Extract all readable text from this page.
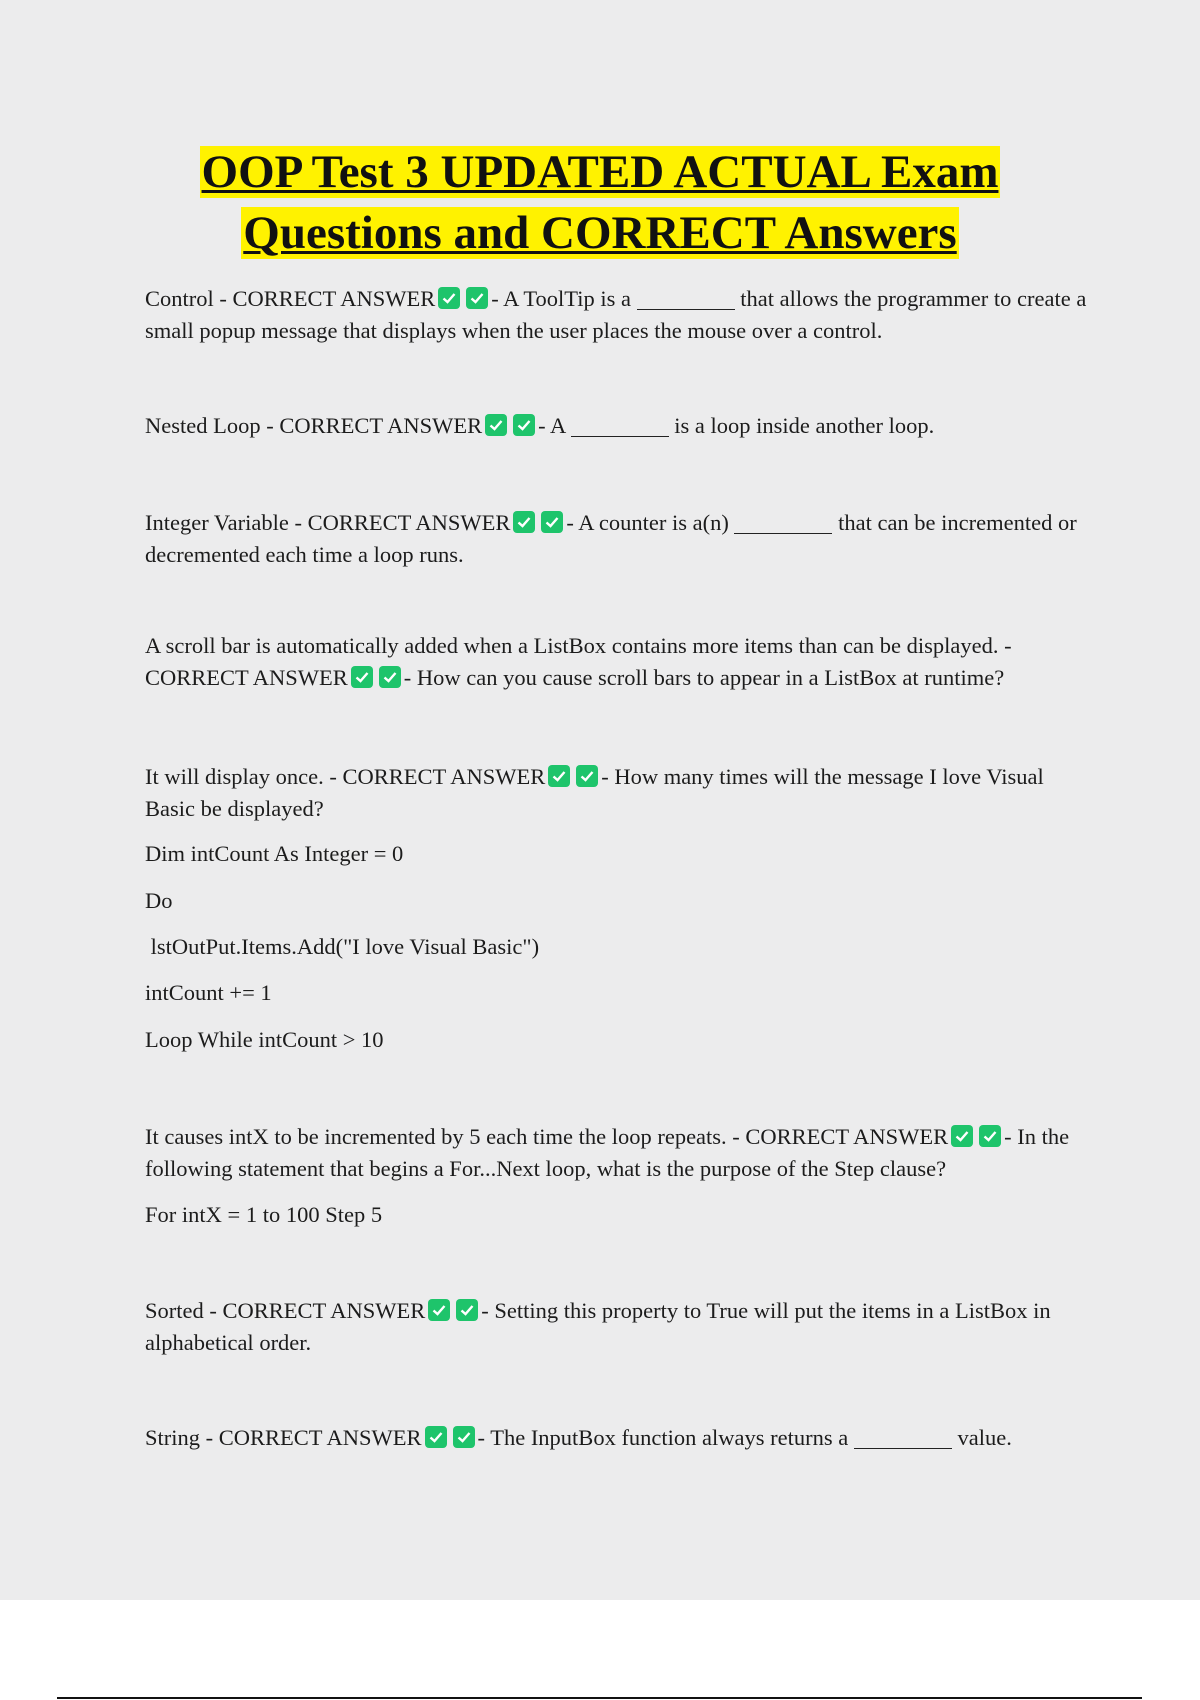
OOP Test 3 UPDATED ACTUAL Exam
Questions and CORRECT Answers
Control - CORRECT ANSWER - A ToolTip is a	that allows the programmer to create a small popup message that displays when the user places the mouse over a control.
Nested Loop - CORRECT ANSWER - A	is a loop inside another loop.
Integer Variable - CORRECT ANSWER - A counter is a(n)	that can be incremented or decremented each time a loop runs.
A scroll bar is automatically added when a ListBox contains more items than can be displayed. - CORRECT ANSWER - How can you cause scroll bars to appear in a ListBox at runtime?
It will display once. - CORRECT ANSWER - How many times will the message I love Visual Basic be displayed?
Dim intCount As Integer = 0
Do
lstOutPut.Items.Add("I love Visual Basic")
intCount += 1
Loop While intCount > 10
It causes intX to be incremented by 5 each time the loop repeats. - CORRECT ANSWER - In the following statement that begins a For...Next loop, what is the purpose of the Step clause?
For intX = 1 to 100 Step 5
Sorted - CORRECT ANSWER - Setting this property to True will put the items in a ListBox in alphabetical order.
String - CORRECT ANSWER - The InputBox function always returns a	value.
